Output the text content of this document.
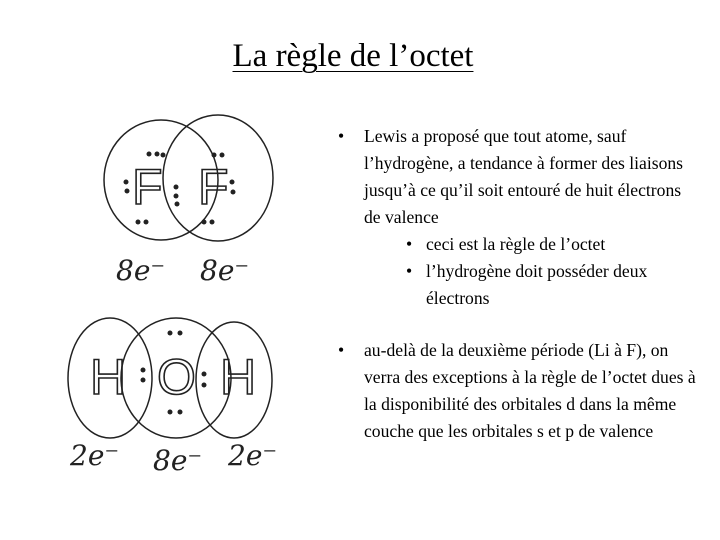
La règle de l’octet
F F
8e⁻ 8e⁻
H O H
2e⁻ 8e⁻ 2e⁻
•	Lewis a proposé que tout atome, sauf l’hydrogène, a tendance à former des liaisons jusqu’à ce qu’il soit entouré de huit électrons de valence
• ceci est la règle de l’octet
• l’hydrogène doit posséder deux électrons
•	au-delà de la deuxième période (Li à F), on verra des exceptions à la règle de l’octet dues à la disponibilité des orbitales d dans la même couche que les orbitales s et p de valence
